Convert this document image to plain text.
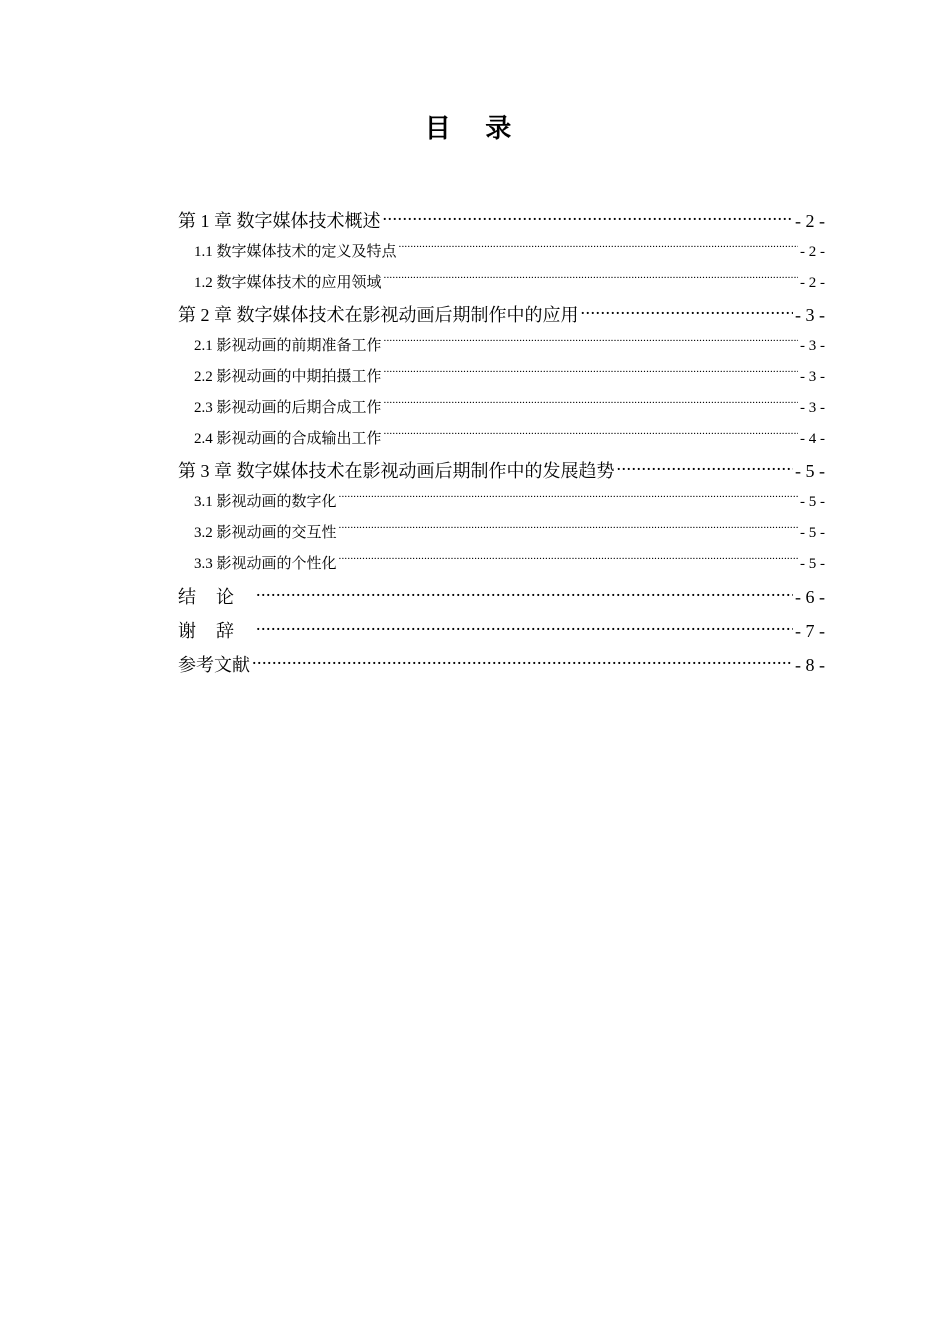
目 录
第 1 章 数字媒体技术概述 .....	- 2 -
1.1 数字媒体技术的定义及特点 .....	- 2 -
1.2 数字媒体技术的应用领域 .....	- 2 -
第 2 章 数字媒体技术在影视动画后期制作中的应用 .....	- 3 -
2.1 影视动画的前期准备工作 .....	- 3 -
2.2 影视动画的中期拍摄工作 .....	- 3 -
2.3 影视动画的后期合成工作 .....	- 3 -
2.4 影视动画的合成输出工作 .....	- 4 -
第 3 章 数字媒体技术在影视动画后期制作中的发展趋势 .....	- 5 -
3.1 影视动画的数字化 .....	- 5 -
3.2 影视动画的交互性 .....	- 5 -
3.3 影视动画的个性化 .....	- 5 -
结论 .....	- 6 -
谢辞 .....	- 7 -
参考文献 .....	- 8 -
